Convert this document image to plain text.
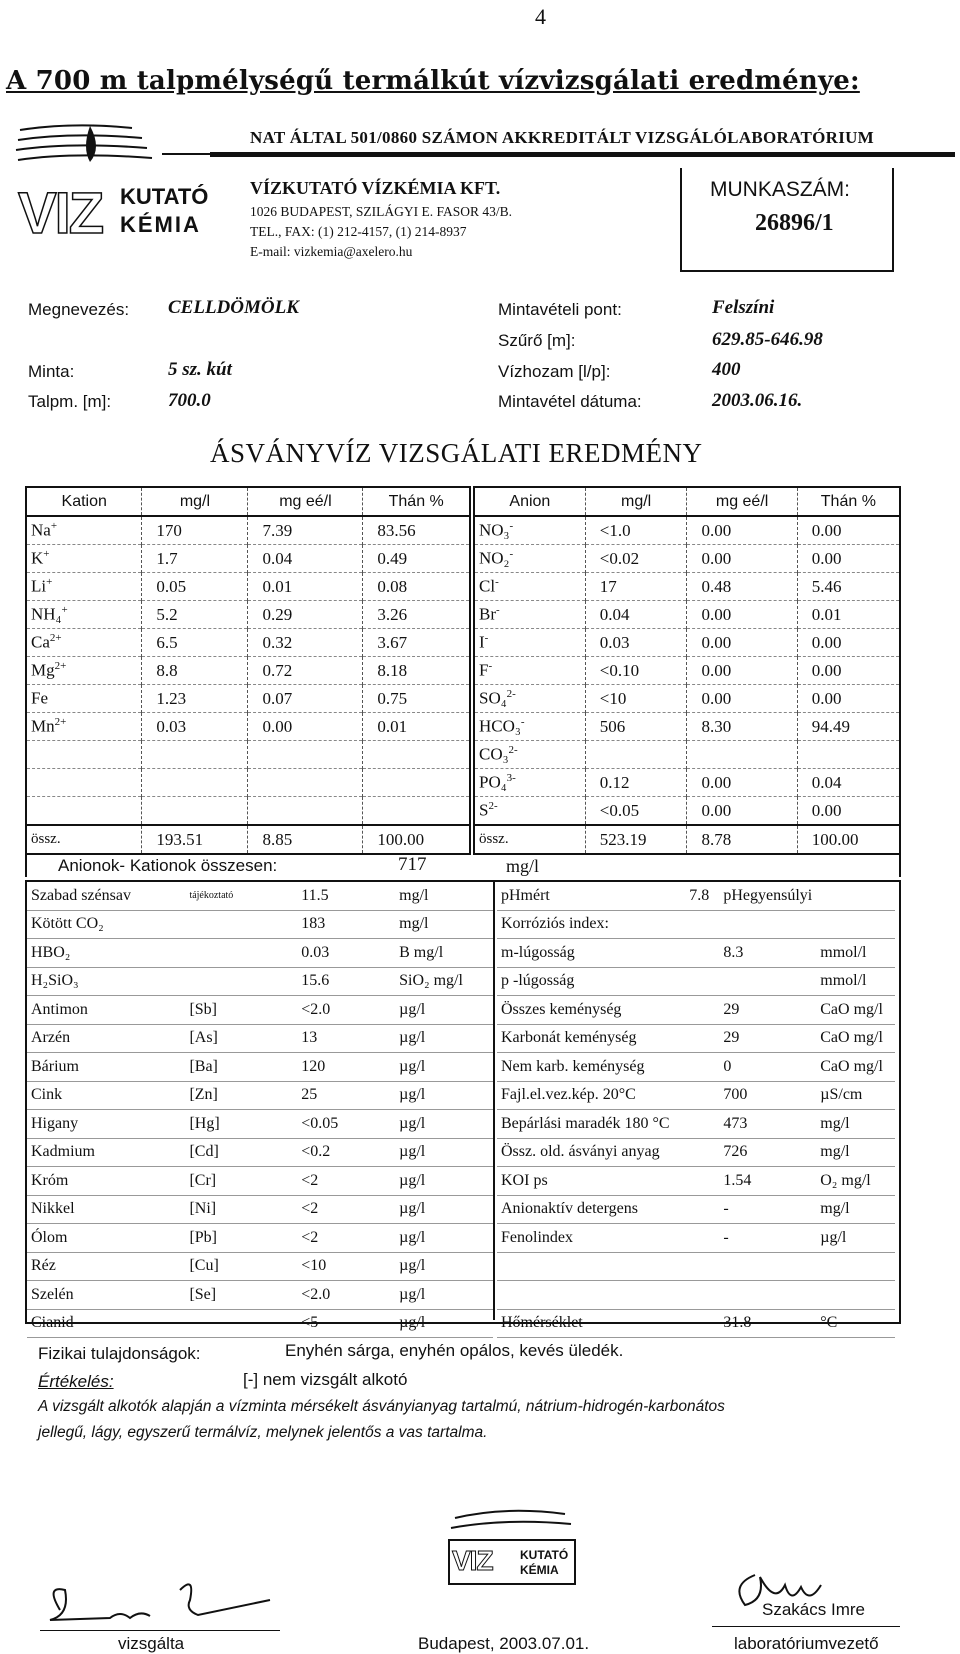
4
A 700 m talpmélységű termálkút vízvizsgálati eredménye:
VIZ KUTATÓ
KÉMIA
NAT ÁLTAL 501/0860 SZÁMON AKKREDITÁLT VIZSGÁLÓLABORATÓRIUM
VÍZKUTATÓ VÍZKÉMIA KFT.
1026 BUDAPEST, SZILÁGYI E. FASOR 43/B.
TEL., FAX: (1) 212-4157, (1) 214-8937
E-mail: vizkemia@axelero.hu
MUNKASZÁM:
26896/1
Megnevezés: CELLDÖMÖLK
Minta:	5 sz. kút
Talpm. [m]:	700.0
Mintavételi pont:	Felszíni
Szűrő [m]:	629.85-646.98
Vízhozam [l/p]:	400
Mintavétel dátuma:	2003.06.16.
ÁSVÁNYVÍZ VIZSGÁLATI EREDMÉNY
Kation	mg/l	mg eé/l	Thán %
Na+	170	7.39	83.56
K+	1.7	0.04	0.49
Li+	0.05	0.01	0.08
NH₄+	5.2	0.29	3.26
$Ca^{2+}$	6.5	0.32	3.67
$Mg^{2+}$	8.8	0.72	8.18
Fe	1.23	0.07	0.75
$Mn^{2+}$	0.03	0.00	0.01

össz.	193.51	8.85	100.00
Anion	mg/l	mg eé/l	Thán %
NO₃-	<1.0	0.00	0.00
NO₂-	<0.02	0.00	0.00
Cl-	17	0.48	5.46
Br-	0.04	0.00	0.01
I-	0.03	0.00	0.00
F-	<0.10	0.00	0.00
SO₄$^{2-}$	<10	0.00	0.00
HCO₃-	506	8.30	94.49
CO₃$^{2-}$			
PO₄$^{3-}$	0.12	0.00	0.04
$S^{2-}$	<0.05	0.00	0.00
össz.	523.19	8.78	100.00
Anionok- Kationok összesen:	717	mg/l
Szabad szénsav	tájékoztató	11.5	mg/l
Kötött CO₂		183	mg/l
HBO₂		0.03	B mg/l
H₂SiO₃		15.6	SiO₂ mg/l
Antimon	[Sb]	<2.0	µg/l
Arzén	[As]	13	µg/l
Bárium	[Ba]	120	µg/l
Cink	[Zn]	25	µg/l
Higany	[Hg]	<0.05	µg/l
Kadmium	[Cd]	<0.2	µg/l
Króm	[Cr]	<2	µg/l
Nikkel	[Ni]	<2	µg/l
Ólom	[Pb]	<2	µg/l
Réz	[Cu]	<10	µg/l
Szelén	[Se]	<2.0	µg/l
Cianid		<5	µg/l
pHmért	7.8	pHegyensúlyi	
Korróziós index:			
m-lúgosság		8.3	mmol/l
p -lúgosság			mmol/l
Összes keménység		29	CaO mg/l
Karbonát keménység		29	CaO mg/l
Nem karb. keménység		0	CaO mg/l
Fajl.el.vez.kép. 20°C		700	µS/cm
Bepárlási maradék 180 °C		473	mg/l
Össz. old. ásványi anyag		726	mg/l
KOI ps		1.54	O₂ mg/l
Anionaktív detergens		-	mg/l
Fenolindex		-	µg/l

Hőmérséklet		31.8	°C
Fizikai tulajdonságok:	Enyhén sárga, enyhén opálos, kevés üledék.
Értékelés:	[-] nem vizsgált alkotó
A vizsgált alkotók alapján a vízminta mérsékelt ásványianyag tartalmú, nátrium-hidrogén-karbonátos
jellegű, lágy, egyszerű termálvíz, melynek jelentős a vas tartalma.
vizsgálta
VIZ KUTATÓ
KÉMIA
Budapest, 2003.07.01.
Szakács Imre
laboratóriumvezető
